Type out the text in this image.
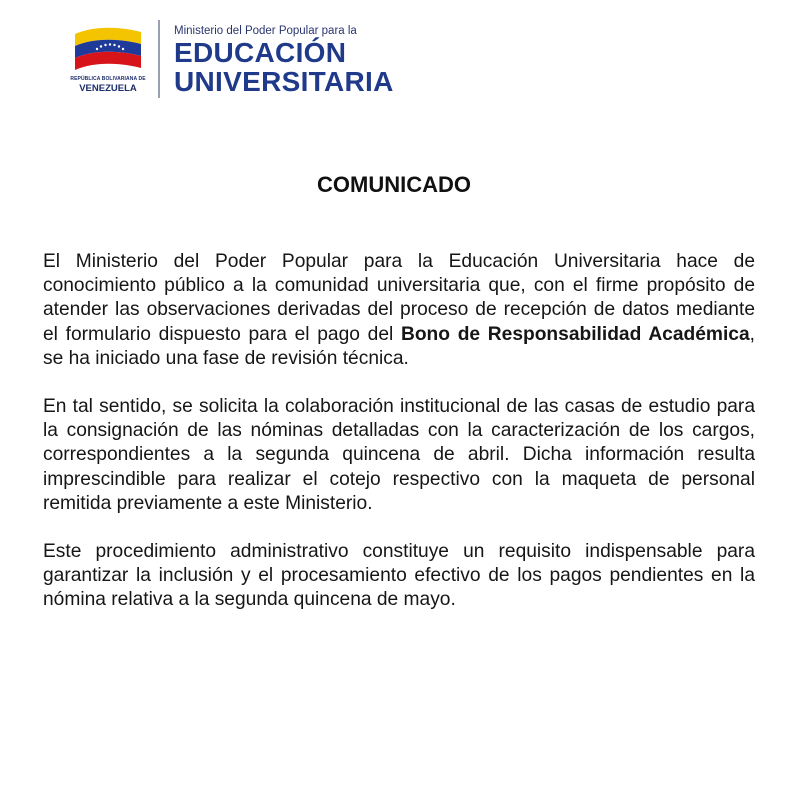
REPÚBLICA BOLIVARIANA DE
VENEZUELA
Ministerio del Poder Popular para la
EDUCACIÓN
UNIVERSITARIA
COMUNICADO

El Ministerio del Poder Popular para la Educación Universitaria hace de conocimiento público a la comunidad universitaria que, con el firme propósito de atender las observaciones derivadas del proceso de recepción de datos mediante el formulario dispuesto para el pago del Bono de Responsabilidad Académica, se ha iniciado una fase de revisión técnica.

En tal sentido, se solicita la colaboración institucional de las casas de estudio para la consignación de las nóminas detalladas con la caracterización de los cargos, correspondientes a la segunda quincena de abril. Dicha información resulta imprescindible para realizar el cotejo respectivo con la maqueta de personal remitida previamente a este Ministerio.

Este procedimiento administrativo constituye un requisito indispensable para garantizar la inclusión y el procesamiento efectivo de los pagos pendientes en la nómina relativa a la segunda quincena de mayo.
